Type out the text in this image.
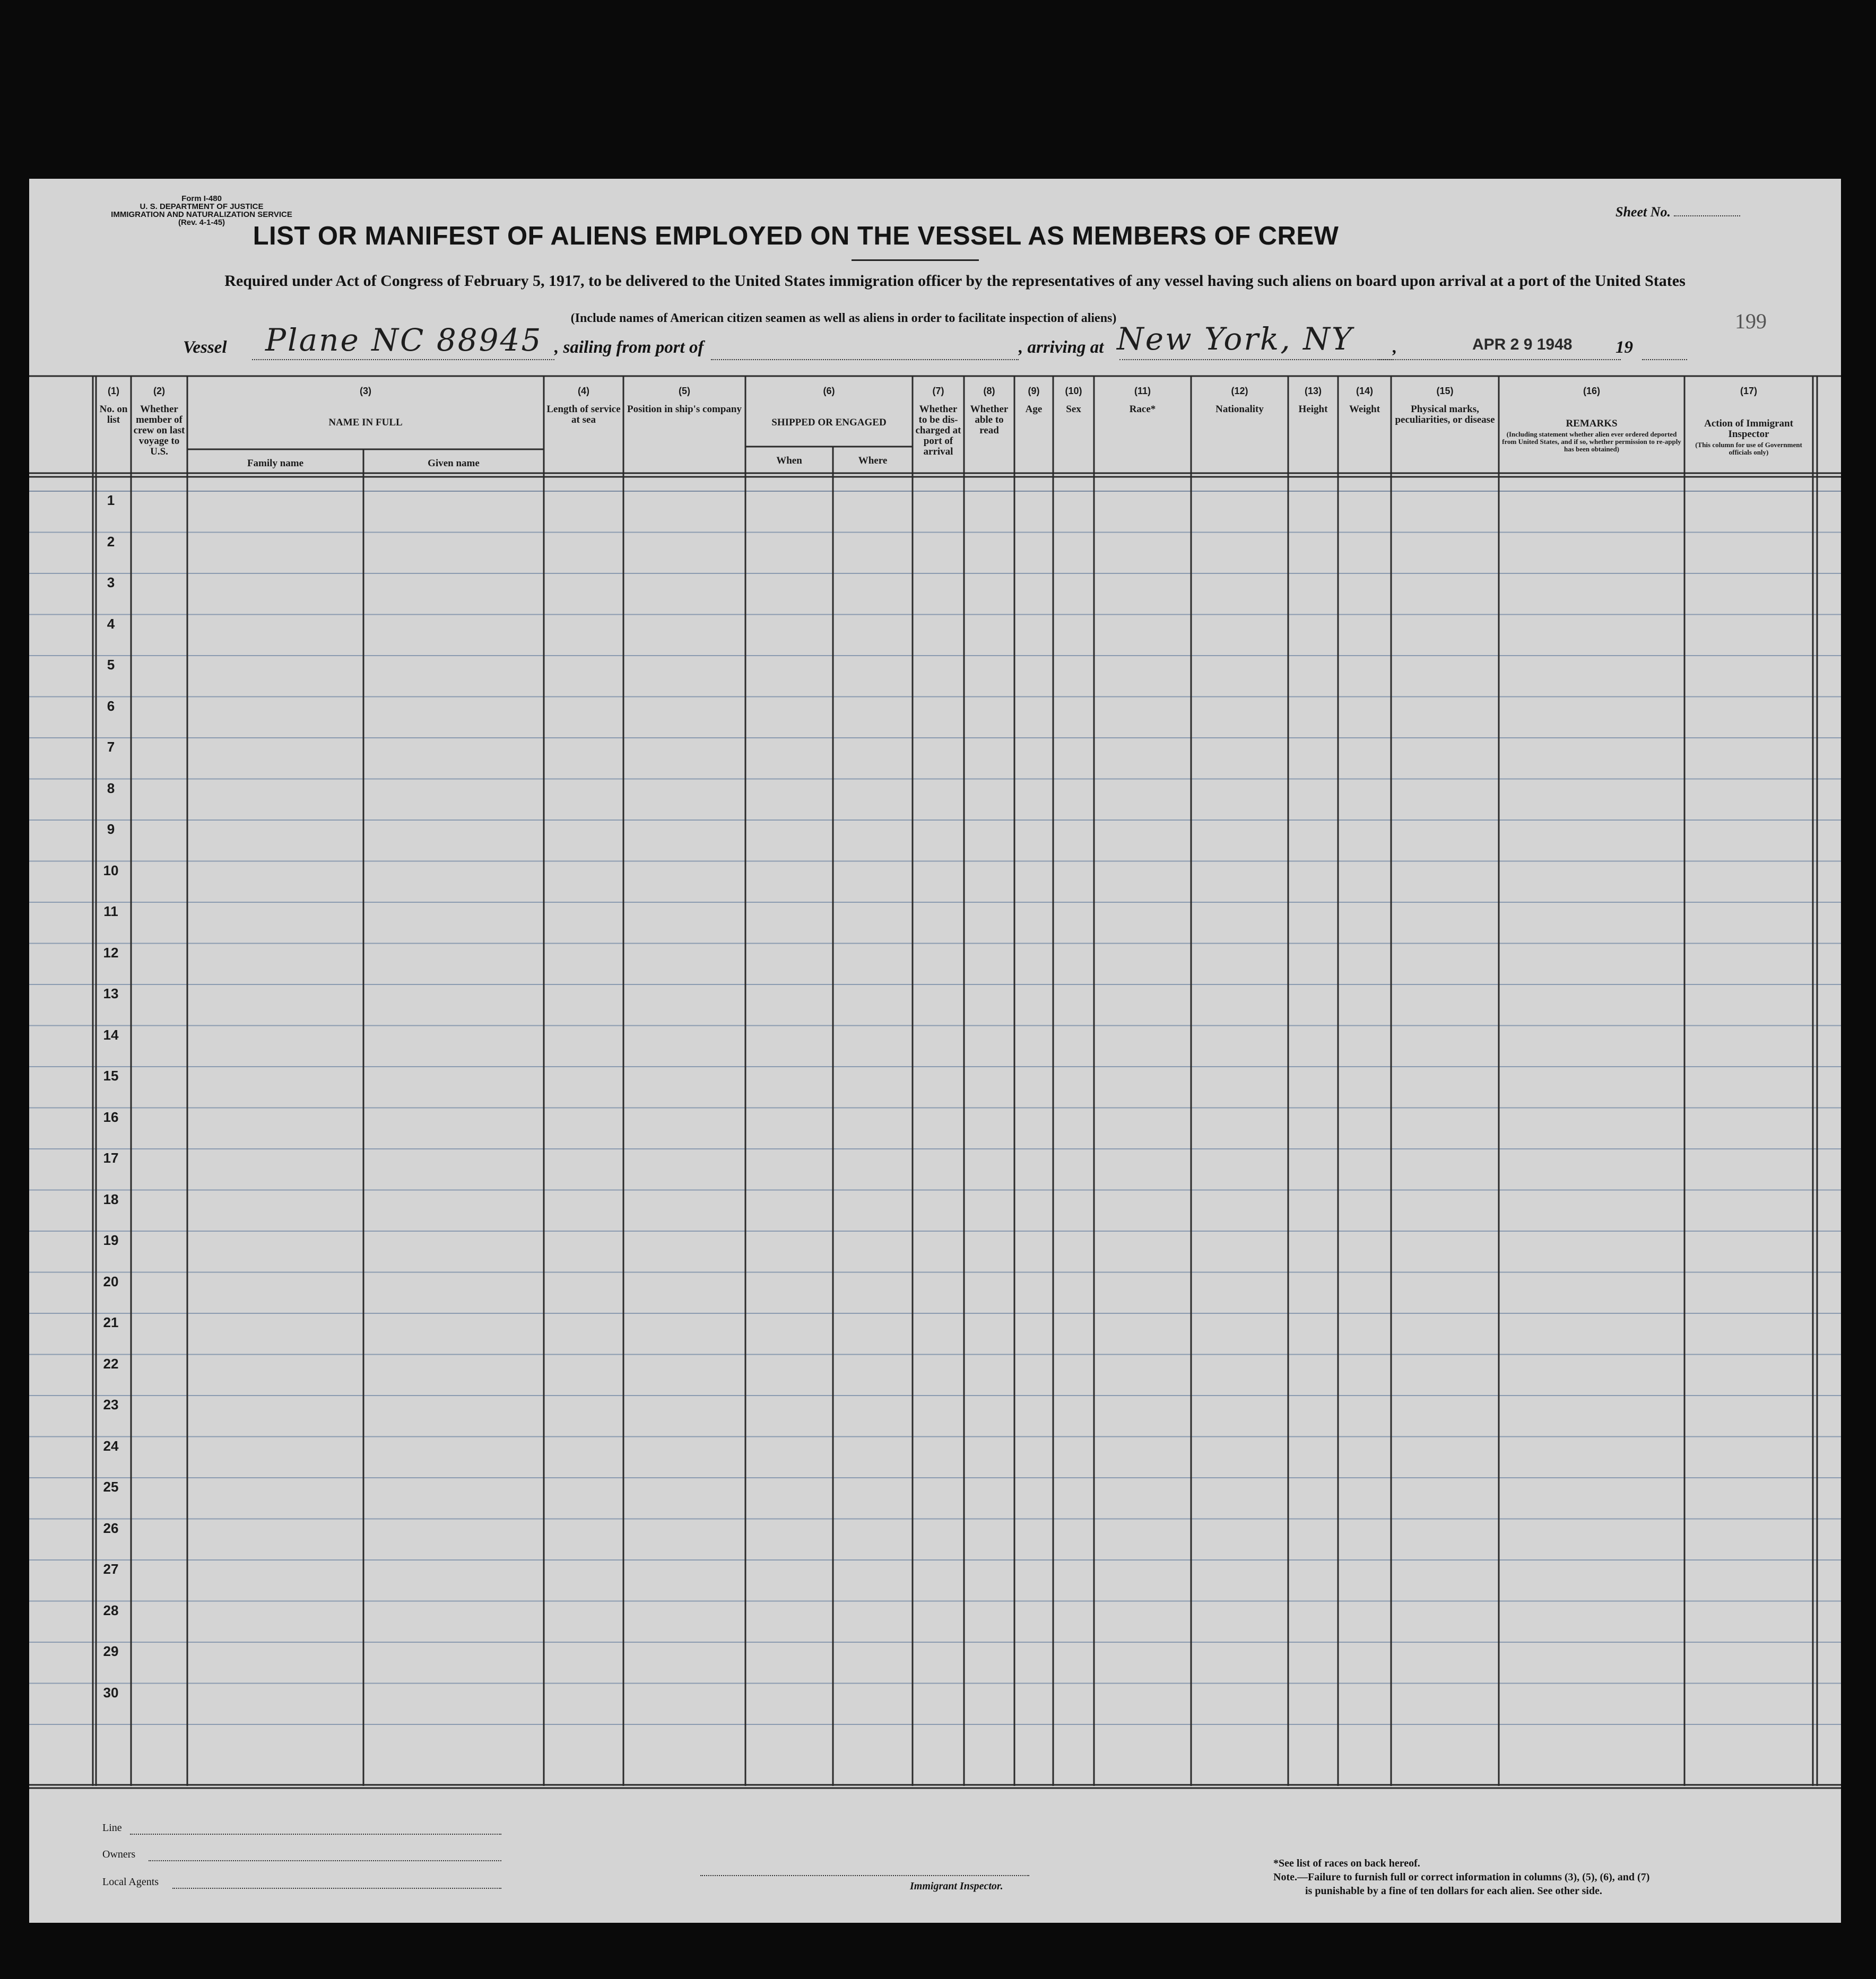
Form I-480
U. S. DEPARTMENT OF JUSTICE
IMMIGRATION AND NATURALIZATION SERVICE
(Rev. 4-1-45)
Sheet No.
LIST OR MANIFEST OF ALIENS EMPLOYED ON THE VESSEL AS MEMBERS OF CREW
Required under Act of Congress of February 5, 1917, to be delivered to the United States immigration officer by the representatives of any vessel having such aliens on board upon arrival at a port of the United States
(Include names of American citizen seamen as well as aliens in order to facilitate inspection of aliens)	199
Vessel Plane NC 88945 , sailing from port of	, arriving at New York, NY ,	APR 2 9 1948 19
(1)
No. on list
(2)
Whether member of crew on last voyage to U.S.
(3)
NAME IN FULL
Family name	Given name
(4)
Length of service at sea
(5)
Position in ship's company
(6)
SHIPPED OR ENGAGED
When	Where
(7)
Whether to be dis-charged at port of arrival
(8)
Whether able to read
(9)
Age
(10)
Sex
(11)
Race*
(12)
Nationality
(13)
Height
(14)
Weight
(15)
Physical marks, peculiarities, or disease
(16)
REMARKS
(Including statement whether alien ever ordered deported from United States, and if so, whether permission to re-apply has been obtained)
(17)
Action of Immigrant Inspector
(This column for use of Government officials only)
1
2
3
4
5
6
7
8
9
10
11
12
13
14
15
16
17
18
19
20
21
22
23
24
25
26
27
28
29
30
Line
Owners
Local Agents	Immigrant Inspector.
*See list of races on back hereof.
Note.—Failure to furnish full or correct information in columns (3), (5), (6), and (7)
is punishable by a fine of ten dollars for each alien. See other side.
